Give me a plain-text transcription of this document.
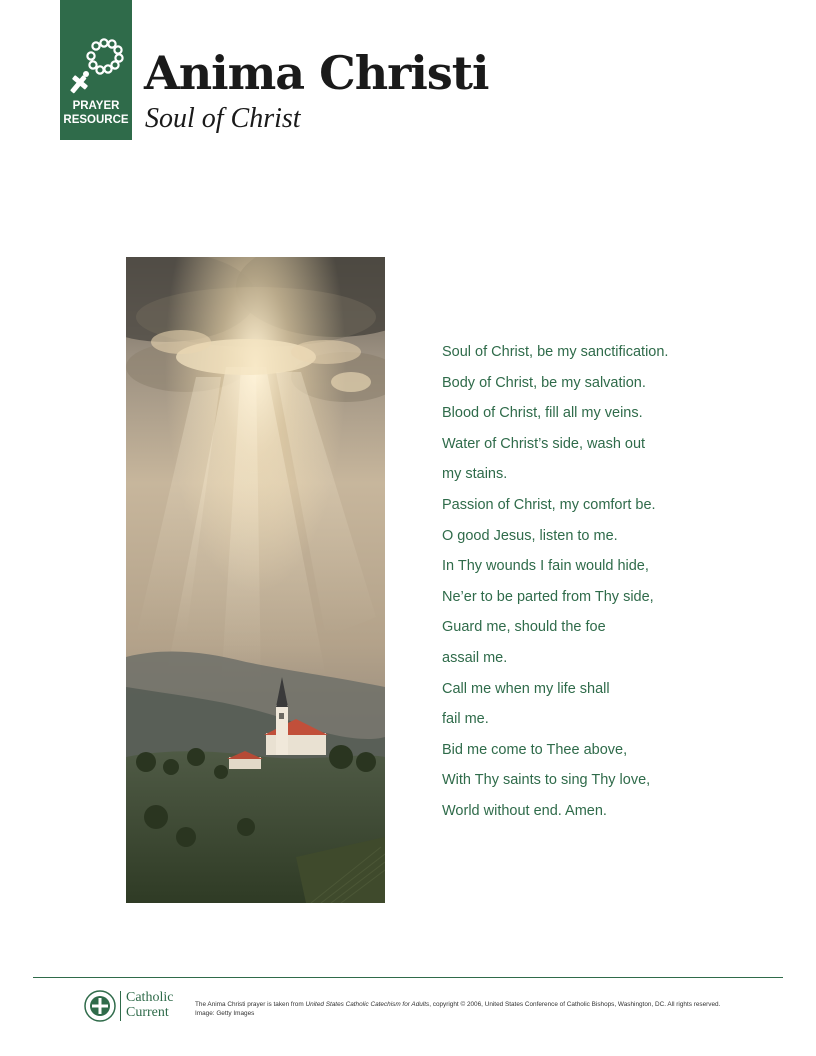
PRAYER
RESOURCE
Anima Christi
Soul of Christ
Soul of Christ, be my sanctification.
Body of Christ, be my salvation.
Blood of Christ, fill all my veins.
Water of Christ’s side, wash out
my stains.
Passion of Christ, my comfort be.
O good Jesus, listen to me.
In Thy wounds I fain would hide,
Ne’er to be parted from Thy side,
Guard me, should the foe
assail me.
Call me when my life shall
fail me.
Bid me come to Thee above,
With Thy saints to sing Thy love,
World without end. Amen.
Catholic
Current

The Anima Christi prayer is taken from United States Catholic Catechism for Adults, copyright © 2006, United States Conference of Catholic Bishops, Washington, DC. All rights reserved. Image: Getty Images
